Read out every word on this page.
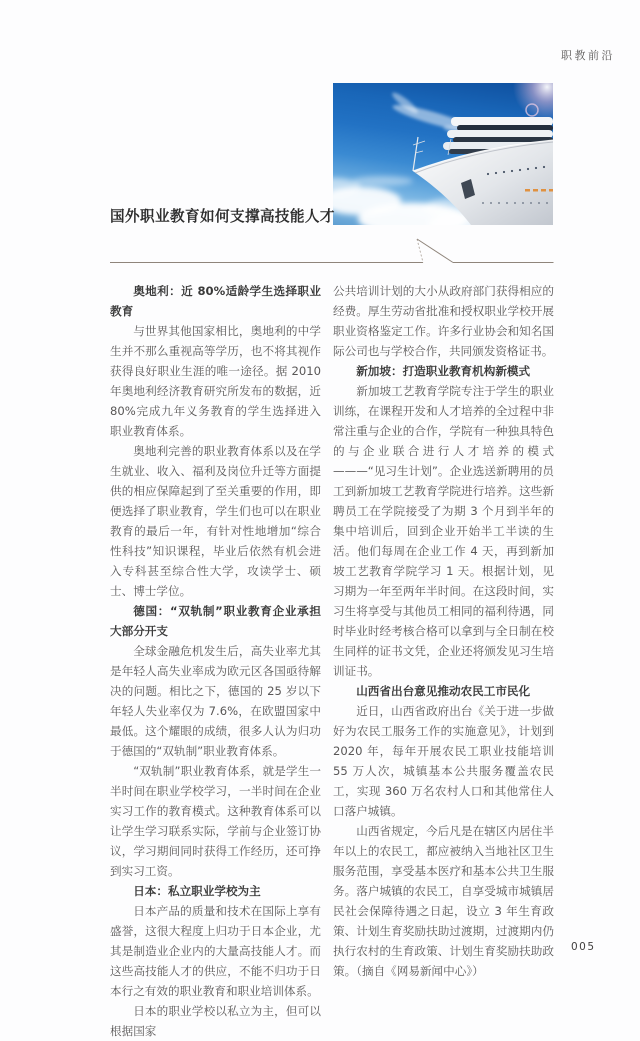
职教前沿
国外职业教育如何支撑高技能人才

奥地利：近 80%适龄学生选择职业教育

与世界其他国家相比，奥地利的中学生并不那么重视高等学历，也不将其视作获得良好职业生涯的唯一途径。据 2010 年奥地利经济教育研究所发布的数据，近 80%完成九年义务教育的学生选择进入职业教育体系。

奥地利完善的职业教育体系以及在学生就业、收入、福利及岗位升迁等方面提供的相应保障起到了至关重要的作用，即便选择了职业教育，学生们也可以在职业教育的最后一年，有针对性地增加“综合性科技”知识课程，毕业后依然有机会进入专科甚至综合性大学，攻读学士、硕士、博士学位。

德国：“双轨制”职业教育企业承担大部分开支

全球金融危机发生后，高失业率尤其是年轻人高失业率成为欧元区各国亟待解决的问题。相比之下，德国的 25 岁以下年轻人失业率仅为 7.6%，在欧盟国家中最低。这个耀眼的成绩，很多人认为归功于德国的“双轨制”职业教育体系。

“双轨制”职业教育体系，就是学生一半时间在职业学校学习，一半时间在企业实习工作的教育模式。这种教育体系可以让学生学习联系实际，学前与企业签订协议，学习期间同时获得工作经历，还可挣到实习工资。

日本：私立职业学校为主

日本产品的质量和技术在国际上享有盛誉，这很大程度上归功于日本企业，尤其是制造业企业内的大量高技能人才。而这些高技能人才的供应，不能不归功于日本行之有效的职业教育和职业培训体系。

日本的职业学校以私立为主，但可以根据国家

公共培训计划的大小从政府部门获得相应的经费。厚生劳动省批准和授权职业学校开展职业资格鉴定工作。许多行业协会和知名国际公司也与学校合作，共同颁发资格证书。

新加坡：打造职业教育机构新模式

新加坡工艺教育学院专注于学生的职业训练，在课程开发和人才培养的全过程中非常注重与企业的合作，学院有一种独具特色的与企业联合进行人才培养的模式———“见习生计划”。企业选送新聘用的员工到新加坡工艺教育学院进行培养。这些新聘员工在学院接受了为期 3 个月到半年的集中培训后，回到企业开始半工半读的生活。他们每周在企业工作 4 天，再到新加坡工艺教育学院学习 1 天。根据计划，见习期为一年至两年半时间。在这段时间，实习生将享受与其他员工相同的福利待遇，同时毕业时经考核合格可以拿到与全日制在校生同样的证书文凭，企业还将颁发见习生培训证书。

山西省出台意见推动农民工市民化

近日，山西省政府出台《关于进一步做好为农民工服务工作的实施意见》，计划到 2020 年，每年开展农民工职业技能培训 55 万人次，城镇基本公共服务覆盖农民工，实现 360 万名农村人口和其他常住人口落户城镇。

山西省规定，今后凡是在辖区内居住半年以上的农民工，都应被纳入当地社区卫生服务范围，享受基本医疗和基本公共卫生服务。落户城镇的农民工，自享受城市城镇居民社会保障待遇之日起，设立 3 年生育政策、计划生育奖励扶助过渡期，过渡期内仍执行农村的生育政策、计划生育奖励扶助政策。（摘自《网易新闻中心》）

005
